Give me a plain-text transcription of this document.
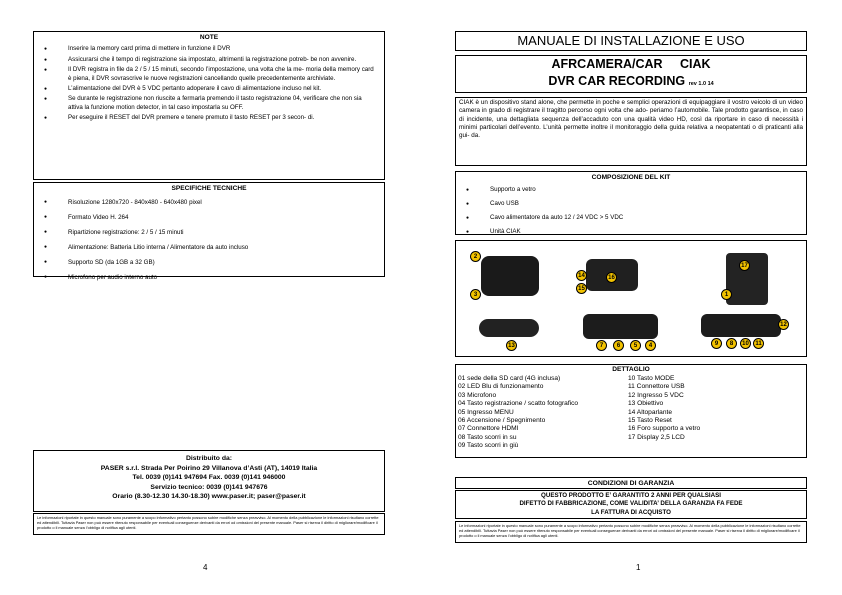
NOTE
● Inserire la memory card prima di mettere in funzione il DVR
● Assicurarsi che il tempo di registrazione sia impostato, altrimenti la registrazione potreb- be non avvenire.
● Il DVR registra in file da 2 / 5 / 15 minuti, secondo l’impostazione, una volta che la me- moria della memory card è piena, il DVR sovrascrive le nuove registrazioni cancellando quelle precedentemente archiviate.
● L’alimentazione del DVR è 5 VDC pertanto adoperare il cavo di alimentazione incluso nel kit.
● Se durante le registrazione non riuscite a fermarla premendo il tasto registrazione 04, verificare che non sia attiva la funzione motion detector, in tal caso impostarla su OFF.
● Per eseguire il RESET del DVR premere e tenere premuto il tasto RESET per 3 secon- di.
SPECIFICHE TECNICHE
● Risoluzione 1280x720 - 840x480 - 640x480 pixel
● Formato Video H. 264
● Ripartizione registrazione: 2 / 5 / 15 minuti
● Alimentazione: Batteria Litio interna / Alimentatore da auto incluso
● Supporto SD (da 1GB a 32 GB)
● Microfono per audio interno auto
Distribuito da:
PASER s.r.l. Strada Per Poirino 29 Villanova d’Asti (AT), 14019 Italia
Tel. 0039 (0)141 947694 Fax. 0039 (0)141 946000
Servizio tecnico: 0039 (0)141 947676
Orario (8.30-12.30 14.30-18.30) www.paser.it; paser@paser.it
Le informazioni riportate in questo manuale sono puramente a scopo informativo pertanto possono subire modifiche senza preavviso. Al momento della pubblicazione le informazioni risultano corrette ed attendibili. Tuttavia Paser non può essere ritenuto responsabile per eventuali conseguenze derivanti da errori od omissioni del presente manuale. Paser si riserva il diritto di migliorare/modificare il prodotto o il manuale senza l’obbligo di notifica agli utenti.
4
MANUALE DI INSTALLAZIONE E USO
AFRCAMERA/CAR     CIAK
DVR CAR RECORDING rev 1.0 14
CIAK è un dispositivo stand alone, che permette in poche e semplici operazioni di equipaggiare il vostro veicolo di un video camera in grado di registrare il tragitto percorso ogni volta che ado- periamo l’automobile. Tale prodotto garantisce, in caso di incidente, una dettagliata sequenza dell’accaduto con una qualità video HD, così da riportare in caso di necessità i minimi particolari dell’evento. L’unità permette inoltre il monitoraggio della guida relativa a neopatentati o di praticanti alla gui- da.
COMPOSIZIONE DEL KIT
● Supporto a vetro
● Cavo USB
● Cavo alimentatore da auto 12 / 24 VDC > 5 VDC
● Unità CIAK
2
3
14
15
16
17
1
13	7	6	5	4	9	8	10	11
12
DETTAGLIO
01 sede della SD card (4G inclusa)
02 LED Blu di funzionamento
03 Microfono
04 Tasto registrazione / scatto fotografico
05 Ingresso MENU
06 Accensione / Spegnimento
07 Connettore HDMI
08 Tasto scorri in su
09 Tasto scorri in giù
10 Tasto MODE
11 Connettore USB
12 Ingresso 5 VDC
13 Obiettivo
14 Altoparlante
15 Tasto Reset
16 Foro supporto a vetro
17 Display 2,5 LCD
CONDIZIONI DI GARANZIA
QUESTO PRODOTTO E’ GARANTITO 2 ANNI PER QUALSIASI
DIFETTO DI FABBRICAZIONE, COME VALIDITA’ DELLA GARANZIA FA FEDE
LA FATTURA DI ACQUISTO
Le informazioni riportate in questo manuale sono puramente a scopo informativo pertanto possono subire modifiche senza preavviso. Al momento della pubblicazione le informazioni risultano corrette ed attendibili. Tuttavia Paser non può essere ritenuto responsabile per eventuali conseguenze derivanti da errori od omissioni del presente manuale. Paser si riserva il diritto di migliorare/modificare il prodotto o il manuale senza l’obbligo di notifica agli utenti.
1
